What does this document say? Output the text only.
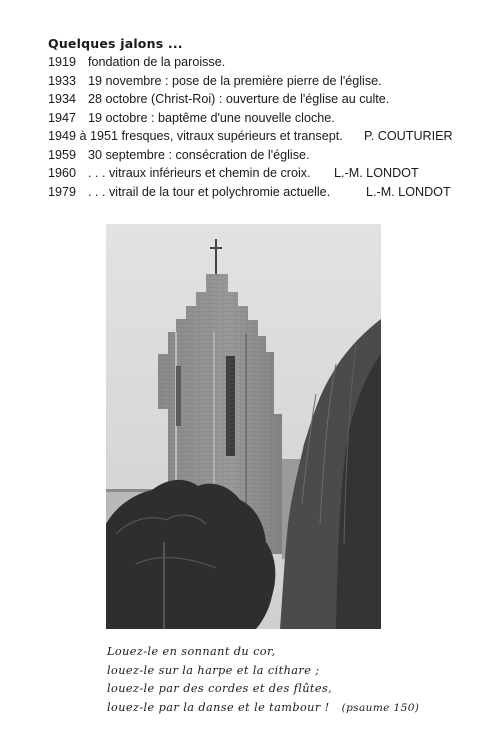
Quelques jalons ...
1919 fondation de la paroisse.
1933 19 novembre : pose de la première pierre de l'église.
1934 28 octobre (Christ-Roi) : ouverture de l'église au culte.
1947 19 octobre : baptême d'une nouvelle cloche.
1949 à 1951 fresques, vitraux supérieurs et transept. P. COUTURIER
1959 30 septembre : consécration de l'église.
1960 . . . vitraux inférieurs et chemin de croix. L.-M. LONDOT
1979 . . . vitrail de la tour et polychromie actuelle.	L.-M. LONDOT
Louez-le en sonnant du cor,
louez-le sur la harpe et la cithare ;
louez-le par des cordes et des flûtes,
louez-le par la danse et le tambour ! (psaume 150)
